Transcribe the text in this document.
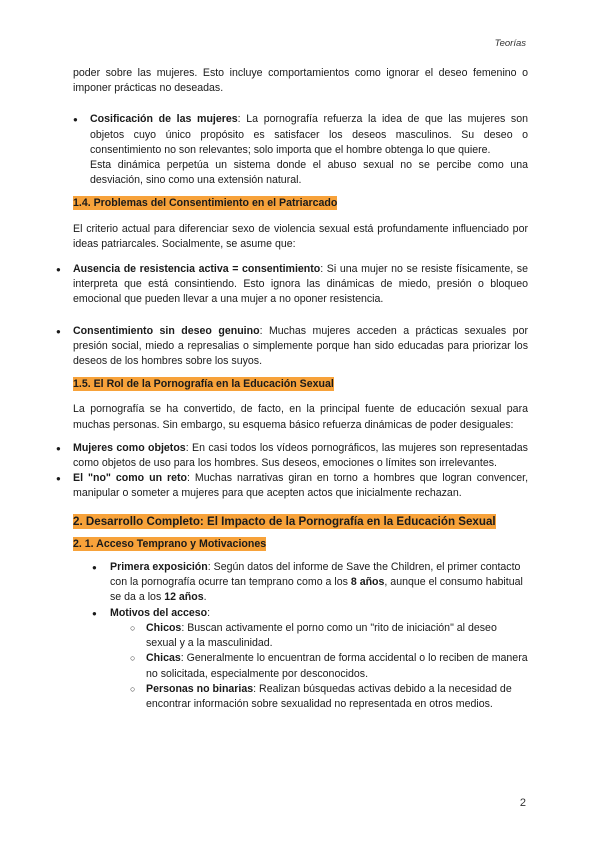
Teorías

poder sobre las mujeres. Esto incluye comportamientos como ignorar el deseo femenino o imponer prácticas no deseadas.

● Cosificación de las mujeres: La pornografía refuerza la idea de que las mujeres son objetos cuyo único propósito es satisfacer los deseos masculinos. Su deseo o consentimiento no son relevantes; solo importa que el hombre obtenga lo que quiere.

Esta dinámica perpetúa un sistema donde el abuso sexual no se percibe como una desviación, sino como una extensión natural.

1.4. Problemas del Consentimiento en el Patriarcado

El criterio actual para diferenciar sexo de violencia sexual está profundamente influenciado por ideas patriarcales. Socialmente, se asume que:

● Ausencia de resistencia activa = consentimiento: Si una mujer no se resiste físicamente, se interpreta que está consintiendo. Esto ignora las dinámicas de miedo, presión o bloqueo emocional que pueden llevar a una mujer a no oponer resistencia.

● Consentimiento sin deseo genuino: Muchas mujeres acceden a prácticas sexuales por presión social, miedo a represalias o simplemente porque han sido educadas para priorizar los deseos de los hombres sobre los suyos.

1.5. El Rol de la Pornografía en la Educación Sexual

La pornografía se ha convertido, de facto, en la principal fuente de educación sexual para muchas personas. Sin embargo, su esquema básico refuerza dinámicas de poder desiguales:

● Mujeres como objetos: En casi todos los vídeos pornográficos, las mujeres son representadas como objetos de uso para los hombres. Sus deseos, emociones o límites son irrelevantes.

● El "no" como un reto: Muchas narrativas giran en torno a hombres que logran convencer, manipular o someter a mujeres para que acepten actos que inicialmente rechazan.

2. Desarrollo Completo: El Impacto de la Pornografía en la Educación Sexual
2. 1. Acceso Temprano y Motivaciones
● Primera exposición: Según datos del informe de Save the Children, el primer contacto con la pornografía ocurre tan temprano como a los 8 años, aunque el consumo habitual se da a los 12 años.
● Motivos del acceso:
○ Chicos: Buscan activamente el porno como un "rito de iniciación" al deseo sexual y a la masculinidad.
○ Chicas: Generalmente lo encuentran de forma accidental o lo reciben de manera no solicitada, especialmente por desconocidos.
○ Personas no binarias: Realizan búsquedas activas debido a la necesidad de encontrar información sobre sexualidad no representada en otros medios.
2
